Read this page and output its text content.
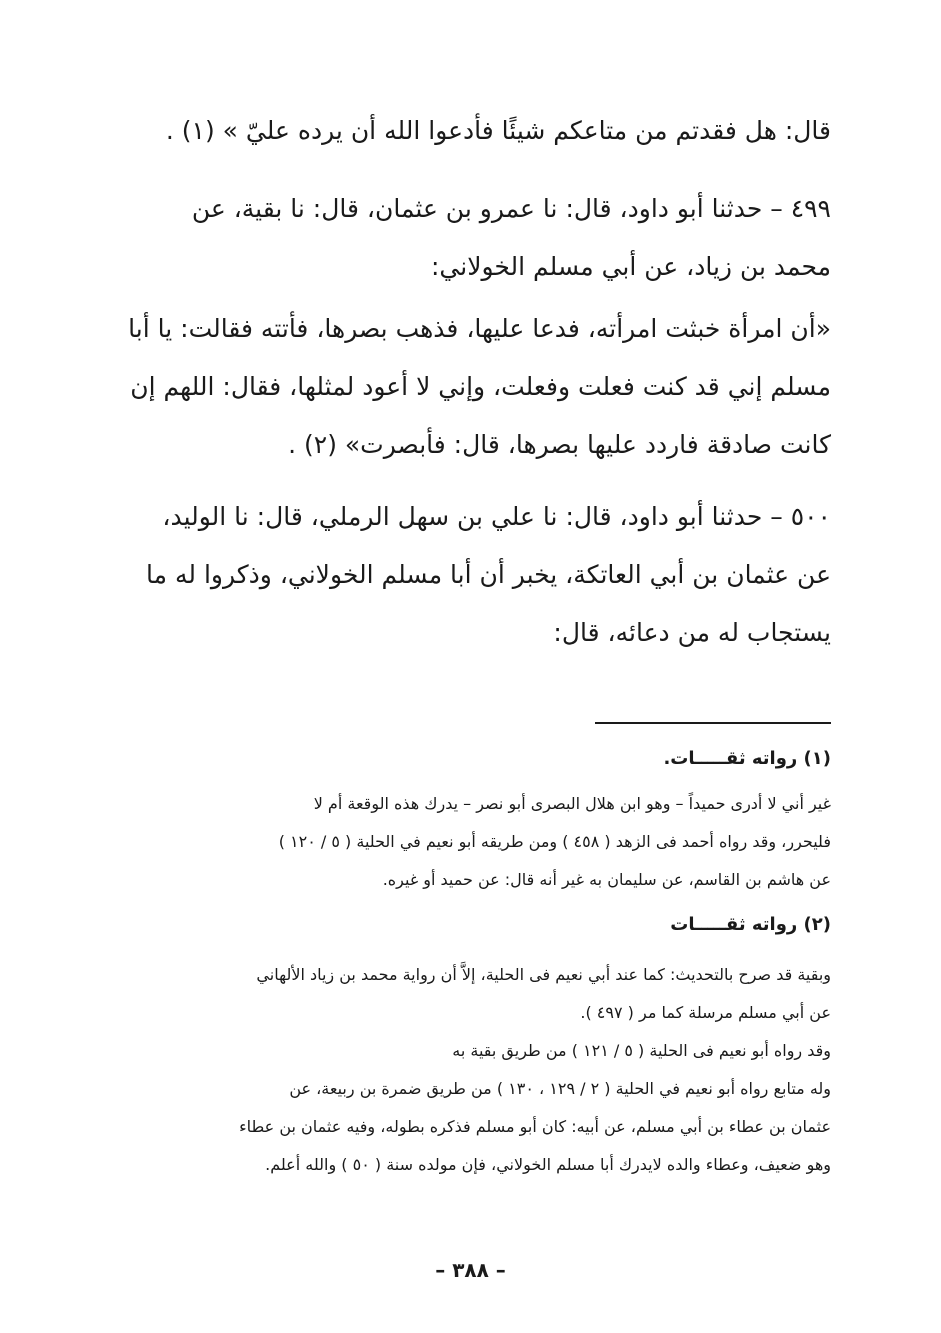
قال: هل فقدتم من متاعكم شيئًا فأدعوا الله أن يرده عليّ » (١) .
٤٩٩ – حدثنا أبو داود، قال: نا عمرو بن عثمان، قال: نا بقية، عن
محمد بن زياد، عن أبي مسلم الخولاني:
«أن امرأة خبثت امرأته، فدعا عليها، فذهب بصرها، فأتته فقالت: يا أبا
مسلم إني قد كنت فعلت وفعلت، وإني لا أعود لمثلها، فقال: اللهم إن
كانت صادقة فاردد عليها بصرها، قال: فأبصرت» (٢) .
٥٠٠ – حدثنا أبو داود، قال: نا علي بن سهل الرملي، قال: نا الوليد،
عن عثمان بن أبي العاتكة، يخبر أن أبا مسلم الخولاني، وذكروا له ما
يستجاب له من دعائه، قال:
(١) رواته ثقـــــات.
غير أني لا أدرى حميداً – وهو ابن هلال البصرى أبو نصر – يدرك هذه الوقعة أم لا
فليحرر، وقد رواه أحمد فى الزهد ( ٤٥٨ ) ومن طريقه أبو نعيم في الحلية ( ٥ / ١٢٠ )
عن هاشم بن القاسم، عن سليمان به غير أنه قال: عن حميد أو غيره.
(٢) رواته ثقـــــات
وبقية قد صرح بالتحديث: كما عند أبي نعيم فى الحلية، إلاَّ أن رواية محمد بن زياد الألهاني
عن أبي مسلم مرسلة كما مر ( ٤٩٧ ).
وقد رواه أبو نعيم فى الحلية ( ٥ / ١٢١ ) من طريق بقية به
وله متابع رواه أبو نعيم في الحلية ( ٢ / ١٢٩ ، ١٣٠ ) من طريق ضمرة بن ربيعة، عن
عثمان بن عطاء بن أبي مسلم، عن أبيه: كان أبو مسلم فذكره بطوله، وفيه عثمان بن عطاء
وهو ضعيف، وعطاء والده لايدرك أبا مسلم الخولاني، فإن مولده سنة ( ٥٠ ) والله أعلم.
– ٣٨٨ –
